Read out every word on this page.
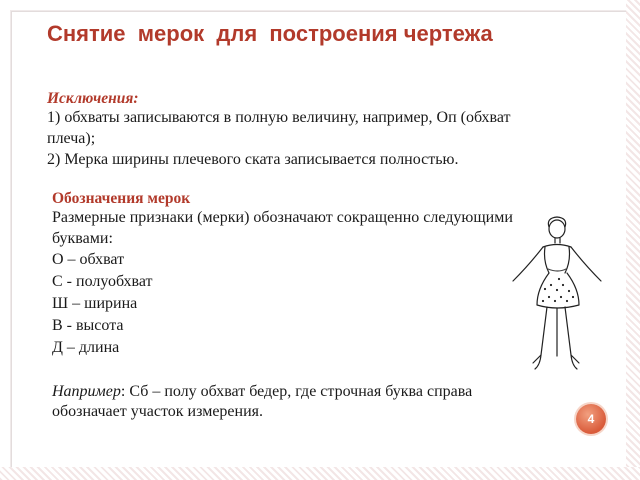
Снятие  мерок  для  построения чертежа
Исключения:
1) обхваты записываются в полную величину, например, Оп (обхват
плеча);
2) Мерка ширины плечевого ската записывается полностью.
Обозначения мерок
Размерные признаки (мерки) обозначают сокращенно следующими
буквами:
О – обхват
С - полуобхват
Ш – ширина
В - высота
Д – длина
Например: Сб – полу обхват бедер, где строчная буква справа
обозначает участок измерения.	4
